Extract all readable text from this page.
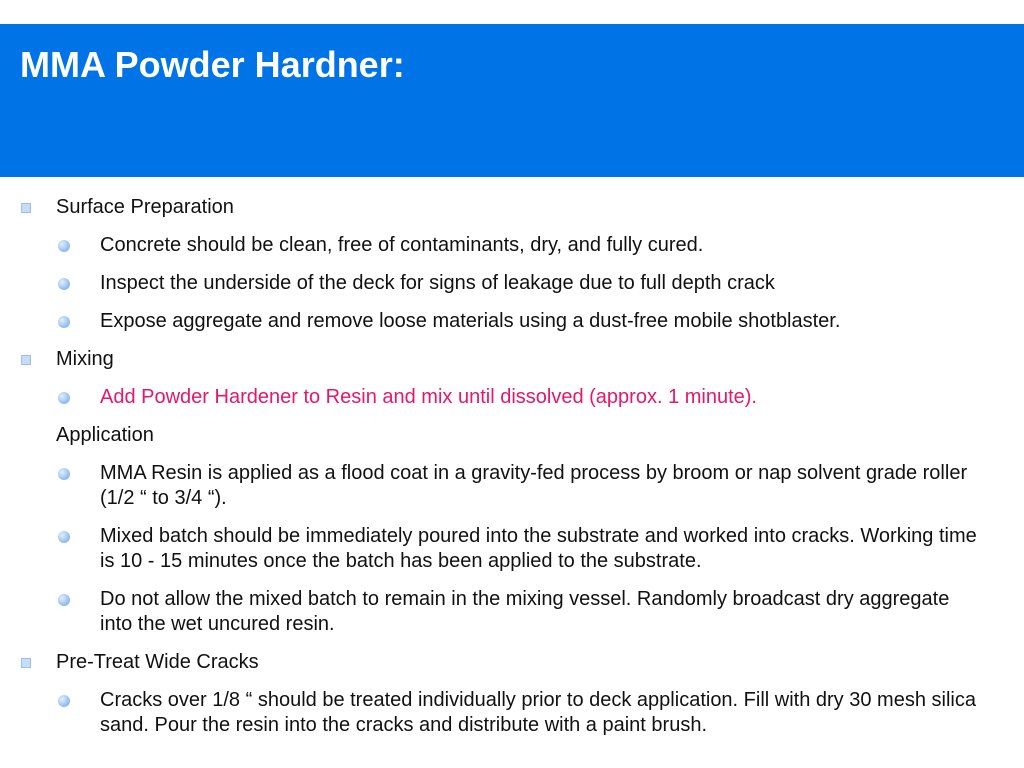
MMA Powder Hardner:
Surface Preparation
Concrete should be clean, free of contaminants, dry, and fully cured.
Inspect the underside of the deck for signs of leakage due to full depth crack
Expose aggregate and remove loose materials using a dust-free mobile shotblaster.
Mixing
Add Powder Hardener to Resin and mix until dissolved (approx. 1 minute).
Application
MMA Resin is applied as a flood coat in a gravity-fed process by broom or nap solvent grade roller (1/2 “ to 3/4 “).
Mixed batch should be immediately poured into the substrate and worked into cracks. Working time is 10 - 15 minutes once the batch has been applied to the substrate.
Do not allow the mixed batch to remain in the mixing vessel. Randomly broadcast dry aggregate into the wet uncured resin.
Pre-Treat Wide Cracks
Cracks over 1/8 “ should be treated individually prior to deck application. Fill with dry 30 mesh silica sand. Pour the resin into the cracks and distribute with a paint brush.
